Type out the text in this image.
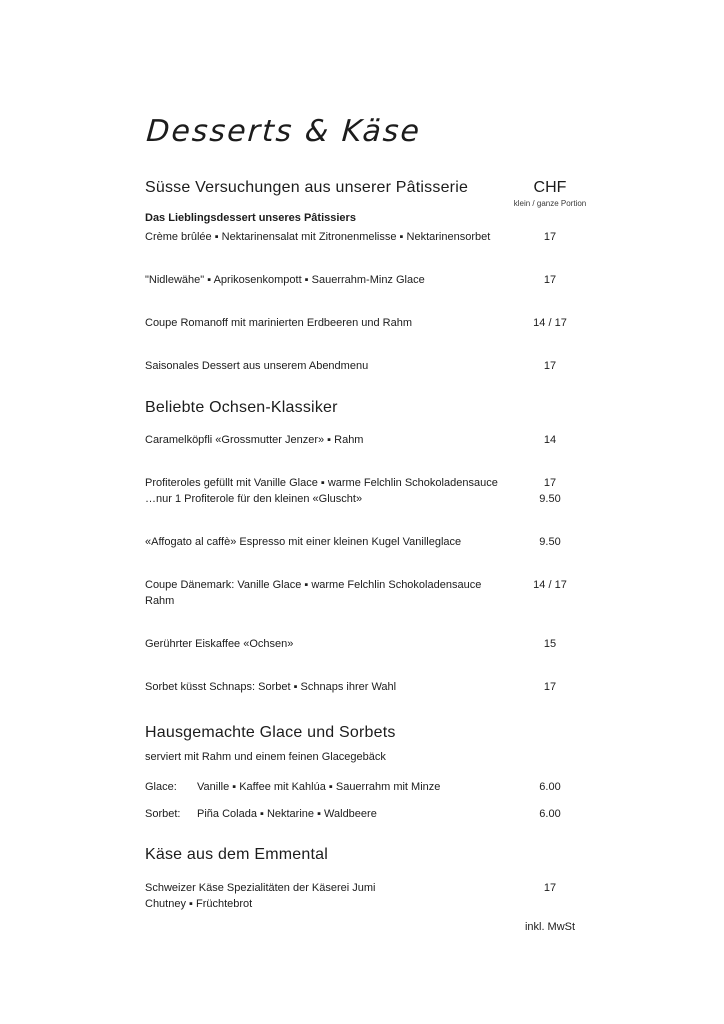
Desserts & Käse
Süsse Versuchungen aus unserer Pâtisserie	CHF
klein / ganze Portion
Das Lieblingsdessert unseres Pâtissiers
Crème brûlée ▪ Nektarinensalat mit Zitronenmelisse ▪ Nektarinensorbet	17
"Nidlewähe" ▪ Aprikosenkompott ▪ Sauerrahm-Minz Glace	17
Coupe Romanoff mit marinierten Erdbeeren und Rahm	14 / 17
Saisonales Dessert aus unserem Abendmenu	17
Beliebte Ochsen-Klassiker
Caramelköpfli «Grossmutter Jenzer» ▪ Rahm	14
Profiteroles gefüllt mit Vanille Glace ▪ warme Felchlin Schokoladensauce	17
…nur 1 Profiterole für den kleinen «Gluscht»	9.50
«Affogato al caffè» Espresso mit einer kleinen Kugel Vanilleglace	9.50
Coupe Dänemark: Vanille Glace ▪ warme Felchlin Schokoladensauce	14 / 17
Rahm
Gerührter Eiskaffee «Ochsen»	15
Sorbet küsst Schnaps: Sorbet ▪ Schnaps ihrer Wahl	17
Hausgemachte Glace und Sorbets
serviert mit Rahm und einem feinen Glacegebäck
Glace:	Vanille ▪ Kaffee mit Kahlúa ▪ Sauerrahm mit Minze	6.00
Sorbet:	Piña Colada ▪ Nektarine ▪ Waldbeere	6.00
Käse aus dem Emmental
Schweizer Käse Spezialitäten der Käserei Jumi	17
Chutney ▪ Früchtebrot
inkl. MwSt
